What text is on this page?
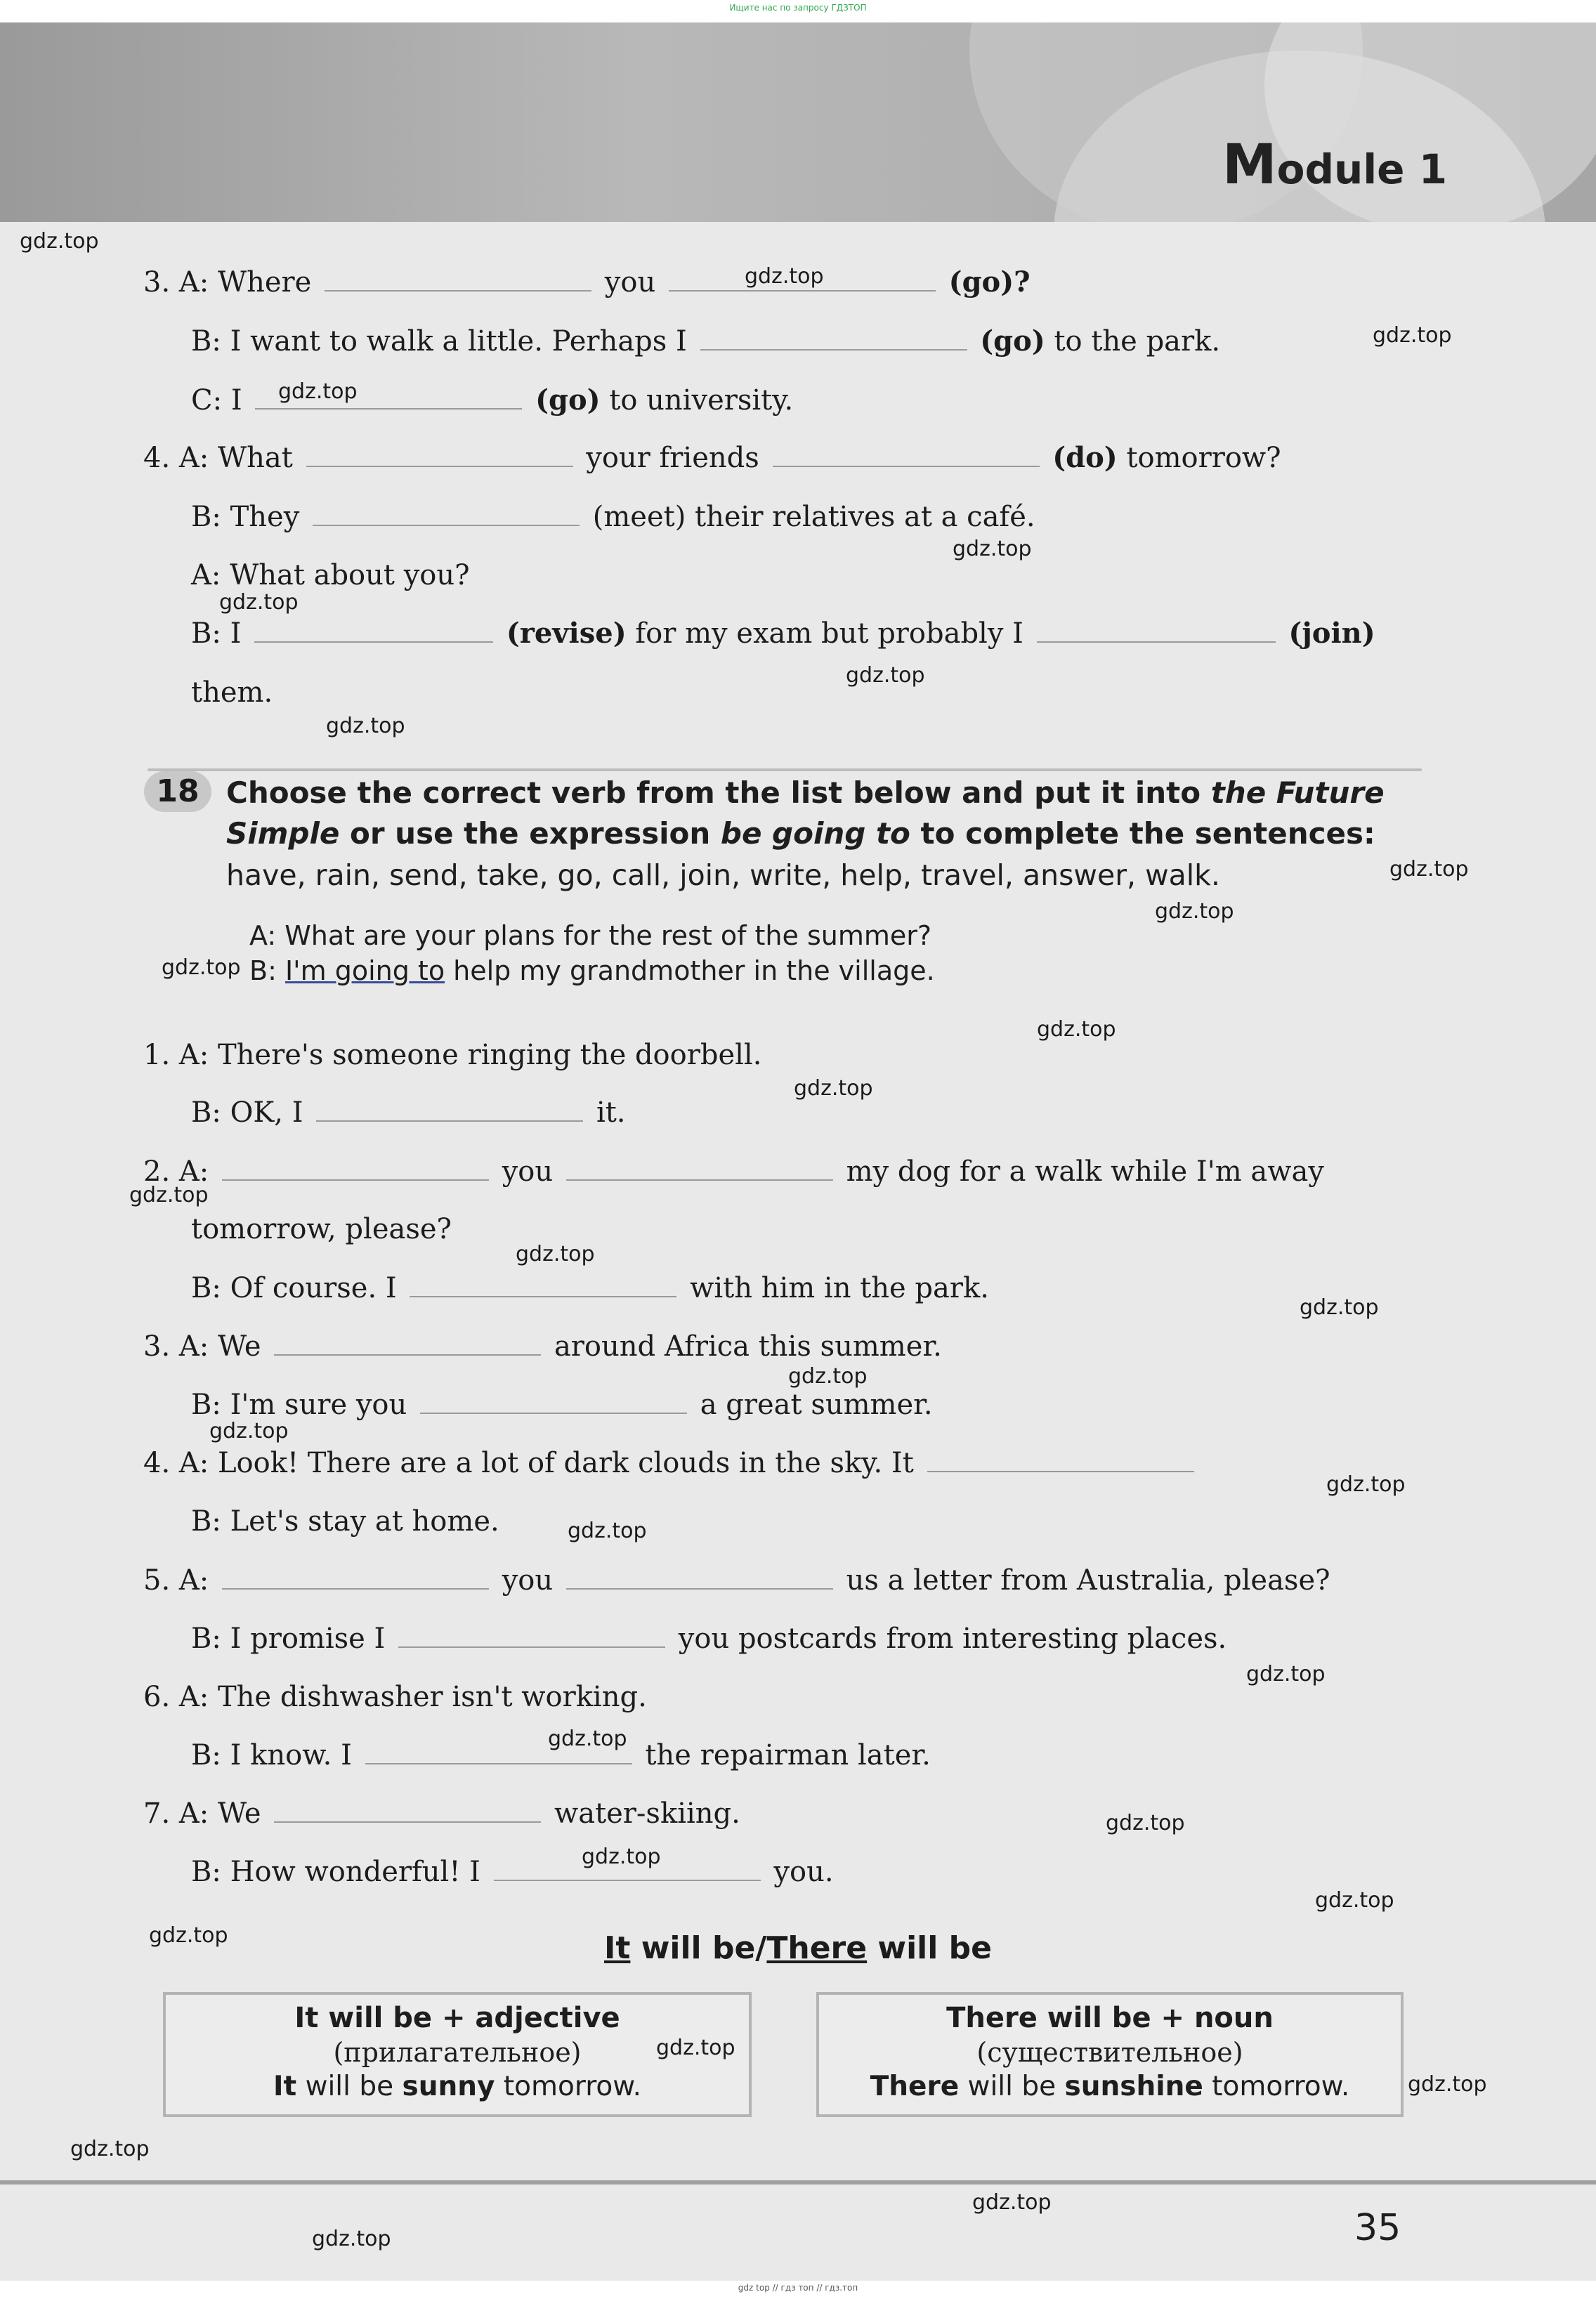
Ищите нас по запросу ГДЗТОП
Module 1
3. A: Where	you	(go)?
B: I want to walk a little. Perhaps I	(go) to the park.
C: I	(go) to university.
4. A: What	your friends	(do) tomorrow?
B: They	(meet) their relatives at a café.
A: What about you?
B: I	(revise) for my exam but probably I	(join)
them.
18 Choose the correct verb from the list below and put it into the Future Simple or use the expression be going to to complete the sentences:
have, rain, send, take, go, call, join, write, help, travel, answer, walk.
A: What are your plans for the rest of the summer?
B: I'm going to help my grandmother in the village.
1. A: There's someone ringing the doorbell.
B: OK, I	it.
2. A:	you	my dog for a walk while I'm away
tomorrow, please?
B: Of course. I	with him in the park.
3. A: We	around Africa this summer.
B: I'm sure you	a great summer.
4. A: Look! There are a lot of dark clouds in the sky. It
B: Let's stay at home.
5. A:	you	us a letter from Australia, please?
B: I promise I	you postcards from interesting places.
6. A: The dishwasher isn't working.
B: I know. I	the repairman later.
7. A: We	water-skiing.
B: How wonderful! I	you.
It will be/There will be
It will be + adjective
(прилагательное)
It will be sunny tomorrow.
There will be + noun
(существительное)
There will be sunshine tomorrow.
35
gdz top // гдз топ // гдз.топ
gdz.top
gdz.top
gdz.top
gdz.top
gdz.top
gdz.top
gdz.top
gdz.top
gdz.top
gdz.top
gdz.top
gdz.top
gdz.top
gdz.top
gdz.top
gdz.top
gdz.top
gdz.top
gdz.top
gdz.top
gdz.top
gdz.top
gdz.top
gdz.top
gdz.top
gdz.top
gdz.top
gdz.top
gdz.top
gdz.top
gdz.top
